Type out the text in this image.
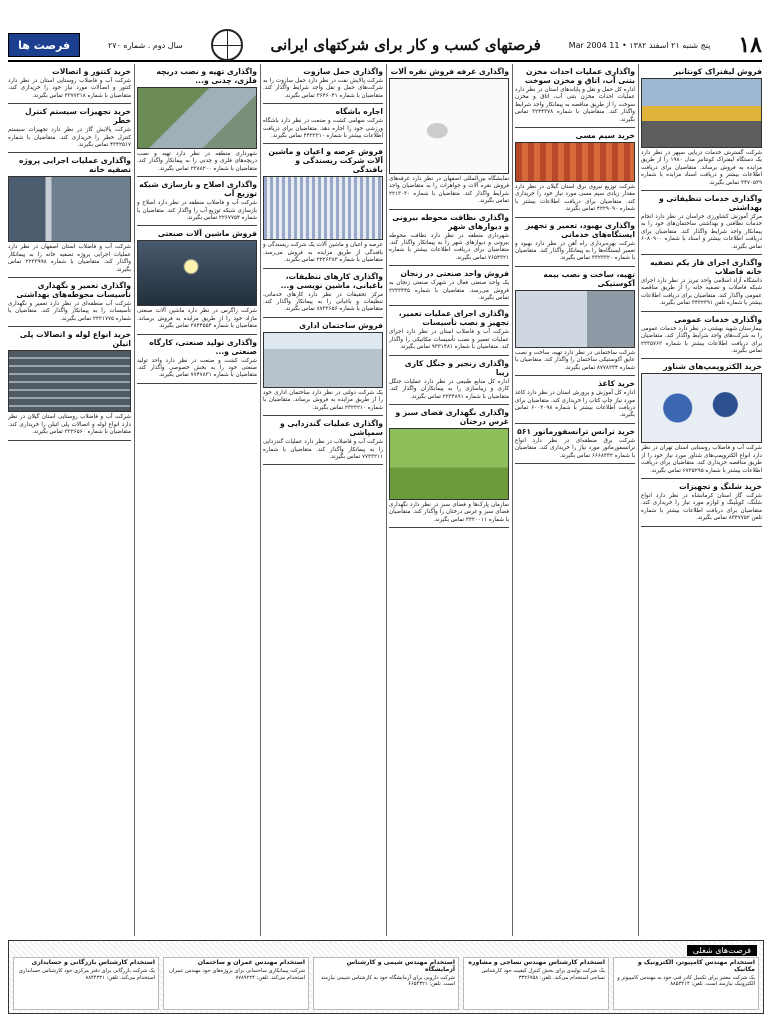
۱۸
پنج شنبه ۲۱ اسفند ۱۳۸۲ • 11 Mar 2004
فرصتهای کسب و کار برای شرکتهای ایرانی
سال دوم . شماره ۲۷۰
فرصت ها
فروش لیفتراک کونتانیر

شرکت گسترش خدمات دریایی سپهر در نظر دارد یک دستگاه لیفتراک کونتانیر مدل ۱۹۸۰ را از طریق مزایده به فروش برساند. متقاضیان برای دریافت اطلاعات بیشتر و دریافت اسناد مزایده با شماره ۳۴۷۰۵۳۹ تماس بگیرند.

واگذاری خدمات تنظیفاتی و بهداشتی

مرکز آموزش کشاورزی خراسان در نظر دارد انجام خدمات نظافتی و بهداشتی ساختمان‌های خود را به پیمانکار واجد شرایط واگذار کند. متقاضیان برای دریافت اطلاعات بیشتر و اسناد با شماره ۶۰۸۰۹۰۰ تماس بگیرند.

واگذاری اجرای فاز یکم تصفیه خانه فاضلاب

دانشگاه آزاد اسلامی واحد تبریز در نظر دارد اجرای شبکه فاضلاب و تصفیه خانه را از طریق مناقصه عمومی واگذار کند. متقاضیان برای دریافت اطلاعات بیشتر با شماره تلفن ۳۴۳۲۳۹۱ تماس بگیرند.

واگذاری خدمات عمومی

بیمارستان شهید بهشتی در نظر دارد خدمات عمومی را به شرکت‌های واجد شرایط واگذار کند. متقاضیان برای دریافت اطلاعات بیشتر با شماره ۲۲۳۵۷۶۲ تماس بگیرند.

خرید الکتروپمپ‌های شناور

شرکت آب و فاضلاب روستایی استان تهران در نظر دارد انواع الکتروپمپ‌های شناور مورد نیاز خود را از طریق مناقصه خریداری کند. متقاضیان برای دریافت اطلاعات بیشتر با شماره ۶۷۲۵۲۹۵ تماس بگیرند.

خرید شلنگ و تجهیزات

شرکت گاز استان کرمانشاه در نظر دارد انواع شلنگ، کوپلینگ و لوازم مورد نیاز را خریداری کند. متقاضیان برای دریافت اطلاعات بیشتر با شماره تلفن ۸۳۴۷۷۵۲ تماس بگیرند.

واگذاری عملیات احداث مخزن بتنی آب، اتاق و مخزن سوخت

اداره کل حمل و نقل و پایانه‌های استان در نظر دارد عملیات احداث مخزن بتنی آب، اتاق و مخزن سوخت را از طریق مناقصه به پیمانکار واجد شرایط واگذار کند. متقاضیان با شماره ۳۲۴۴۳۷۸ تماس بگیرند.

خرید سیم مسی

شرکت توزیع نیروی برق استان گیلان در نظر دارد مقدار زیادی سیم مسی مورد نیاز خود را خریداری کند. متقاضیان برای دریافت اطلاعات بیشتر با شماره ۴۲۲۹۰۹۰ تماس بگیرند.

واگذاری بهبود، تعمیر و تجهیز ایستگاه‌های خدماتی

شرکت بهره‌برداری راه آهن در نظر دارد بهبود و تعمیر ایستگاه‌ها را به پیمانکار واگذار کند. متقاضیان با شماره ۳۳۲۳۳۲۰ تماس بگیرند.

تهیه، ساخت و نصب بیمه آکوستیکی

شرکت ساختمانی در نظر دارد تهیه، ساخت و نصب عایق آکوستیکی ساختمان را واگذار کند. متقاضیان با شماره ۸۷۷۸۲۳۴ تماس بگیرند.

خرید کاغذ

اداره کل آموزش و پرورش استان در نظر دارد کاغذ مورد نیاز چاپ کتاب را خریداری کند. متقاضیان برای دریافت اطلاعات بیشتر با شماره ۶۰۰۳۰۹۸ تماس بگیرند.

خرید ترانس ترانسفورماتور ۵۶۱

شرکت برق منطقه‌ای در نظر دارد انواع ترانسفورماتور مورد نیاز را خریداری کند. متقاضیان با شماره ۶۶۶۸۳۳۲ تماس بگیرند.

واگذاری غرفه فروش نقره آلات

نمایشگاه بین‌المللی اصفهان در نظر دارد غرفه‌های فروش نقره آلات و جواهرات را به متقاضیان واجد شرایط واگذار کند. متقاضیان با شماره ۲۲۱۳۰۳۰ تماس بگیرند.

واگذاری نظافت محوطه بیرونی و دیوارهای شهر

شهرداری منطقه در نظر دارد نظافت محوطه بیرونی و دیوارهای شهر را به پیمانکار واگذار کند. متقاضیان برای دریافت اطلاعات بیشتر با شماره ۷۶۵۴۳۲۱ تماس بگیرند.

فروش واحد صنعتی در زنجان

یک واحد صنعتی فعال در شهرک صنعتی زنجان به فروش می‌رسد. متقاضیان با شماره ۲۲۳۳۴۴۵ تماس بگیرند.

واگذاری اجرای عملیات تعمیر، تجهیز و نصب تأسیسات

شرکت آب و فاضلاب استان در نظر دارد اجرای عملیات تعمیر و نصب تأسیسات مکانیکی را واگذار کند. متقاضیان با شماره ۹۳۳۱۴۸۱ تماس بگیرند.

واگذاری زنجیر و جنگل کاری زیبا

اداره کل منابع طبیعی در نظر دارد عملیات جنگل کاری و زیباسازی را به پیمانکاران واگذار کند. متقاضیان با شماره ۲۲۳۴۸۹۱ تماس بگیرند.

واگذاری نگهداری فضای سبز و غرس درختان

سازمان پارک‌ها و فضای سبز در نظر دارد نگهداری فضای سبز و غرس درختان را واگذار کند. متقاضیان با شماره ۳۳۲۰۰۱۱ تماس بگیرند.

واگذاری حمل سازوت

شرکت پالایش نفت در نظر دارد حمل سازوت را به شرکت‌های حمل و نقل واجد شرایط واگذار کند. متقاضیان با شماره ۳۶۴۶۰۴۱ تماس بگیرند.

اجاره باشگاه

شرکت سهامی کشت و صنعت در نظر دارد باشگاه ورزشی خود را اجاره دهد. متقاضیان برای دریافت اطلاعات بیشتر با شماره ۴۴۳۲۲۱۰ تماس بگیرند.

فروش عرصه و اعیان و ماشین آلات شرکت ریسندگی و بافندگی

عرصه و اعیان و ماشین آلات یک شرکت ریسندگی و بافندگی از طریق مزایده به فروش می‌رسد. متقاضیان با شماره ۲۲۲۶۳۸۳ تماس بگیرند.

واگذاری کارهای تنظیفات، باغبانی، ماشین نویسی و...

مرکز تحقیقات در نظر دارد کارهای خدماتی، تنظیفات و باغبانی را به پیمانکار واگذار کند. متقاضیان با شماره ۸۷۳۲۶۵۶ تماس بگیرند.

فروش ساختمان اداری

یک شرکت دولتی در نظر دارد ساختمان اداری خود را از طریق مزایده به فروش برساند. متقاضیان با شماره ۲۳۲۳۲۱۰ تماس بگیرند.

واگذاری عملیات گندزدایی و سمپاشی

شرکت آب و فاضلاب در نظر دارد عملیات گندزدایی را به پیمانکار واگذار کند. متقاضیان با شماره ۷۷۳۳۲۱۱ تماس بگیرند.

واگذاری تهیه و نصب دریچه فلزی، چدنی و...

شهرداری منطقه در نظر دارد تهیه و نصب دریچه‌های فلزی و چدنی را به پیمانکار واگذار کند. متقاضیان با شماره ۲۲۸۸۲۰۰ تماس بگیرند.

واگذاری اصلاح و بازسازی شبکه توزیع آب

شرکت آب و فاضلاب منطقه در نظر دارد اصلاح و بازسازی شبکه توزیع آب را واگذار کند. متقاضیان با شماره ۲۲۶۷۷۵۴ تماس بگیرند.

فروش ماشین آلات صنعتی

شرکت زاگرس در نظر دارد ماشین آلات صنعتی مازاد خود را از طریق مزایده به فروش برساند. متقاضیان با شماره ۳۸۴۴۵۵۴ تماس بگیرند.

واگذاری تولید صنعتی، کارگاه صنعتی و...

شرکت کشت و صنعت در نظر دارد واحد تولید صنعتی خود را به بخش خصوصی واگذار کند. متقاضیان با شماره ۷۷۴۷۸۳۱ تماس بگیرند.

خرید کنتور و اتصالات

شرکت آب و فاضلاب روستایی استان در نظر دارد کنتور و اتصالات مورد نیاز خود را خریداری کند. متقاضیان با شماره ۳۳۷۷۳۱۸ تماس بگیرند.

خرید تجهیزات سیستم کنترل خطر

شرکت پالایش گاز در نظر دارد تجهیزات سیستم کنترل خطر را خریداری کند. متقاضیان با شماره ۴۳۴۲۵۱۷ تماس بگیرند.

واگذاری عملیات اجرایی پروژه تصفیه خانه

شرکت آب و فاضلاب استان اصفهان در نظر دارد عملیات اجرایی پروژه تصفیه خانه را به پیمانکار واگذار کند. متقاضیان با شماره ۲۲۳۳۹۹۸ تماس بگیرند.

واگذاری تعمیر و نگهداری تأسیسات محوطه‌های بهداشتی

شرکت آب منطقه‌ای در نظر دارد تعمیر و نگهداری تأسیسات را به پیمانکار واگذار کند. متقاضیان با شماره ۲۲۲۱۷۷۵ تماس بگیرند.

خرید انواع لوله و اتصالات پلی اتیلن

شرکت آب و فاضلاب روستایی استان گیلان در نظر دارد انواع لوله و اتصالات پلی اتیلن را خریداری کند. متقاضیان با شماره ۳۲۲۶۵۶۰ تماس بگیرند.

فرصت‌های شغلی
استخدام مهندس کامپیوتر، الکترونیک و مکانیک
یک شرکت معتبر برای تکمیل کادر فنی خود به مهندس کامپیوتر و الکترونیک نیازمند است. تلفن: ۸۸۵۳۲۱۴
استخدام کارشناس مهندس نساجی و مشاوره
یک شرکت تولیدی برای بخش کنترل کیفیت خود کارشناس نساجی استخدام می‌کند. تلفن: ۳۳۲۶۷۵۸
استخدام مهندس شیمی و کارشناس آزمایشگاه
شرکت دارویی برای آزمایشگاه خود به کارشناس شیمی نیازمند است. تلفن: ۶۶۵۴۳۲۱
استخدام مهندس عمران و ساختمان
شرکت پیمانکاری ساختمانی برای پروژه‌های خود مهندس عمران استخدام می‌کند. تلفن: ۷۷۸۹۲۲۴
استخدام کارشناس بازرگانی و حسابداری
یک شرکت بازرگانی برای دفتر مرکزی خود کارشناس حسابداری استخدام می‌کند. تلفن: ۸۸۴۴۳۲۱
